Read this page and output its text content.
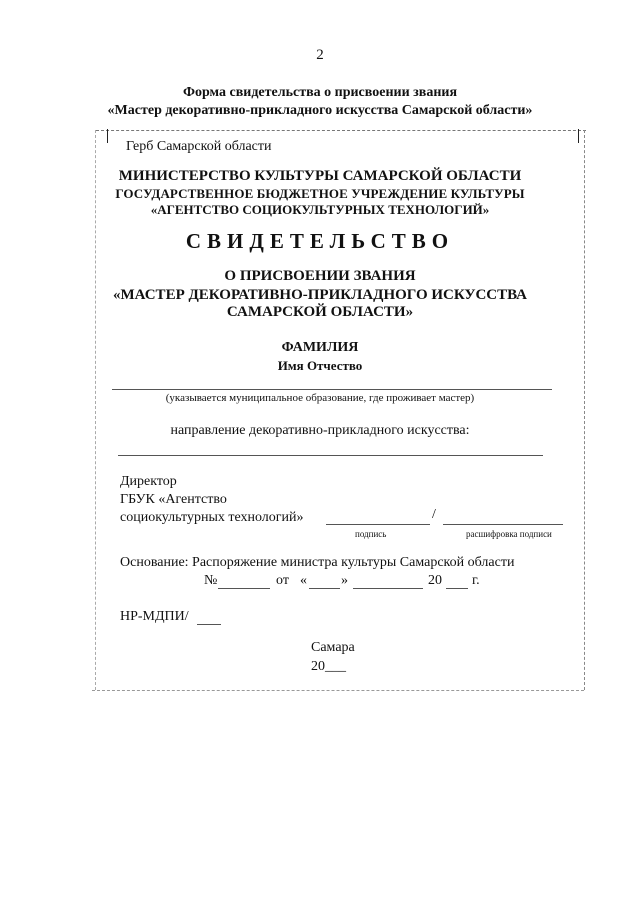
2
Форма свидетельства о присвоении звания
«Мастер декоративно-прикладного искусства Самарской области»
Герб Самарской области
МИНИСТЕРСТВО КУЛЬТУРЫ САМАРСКОЙ ОБЛАСТИ
ГОСУДАРСТВЕННОЕ БЮДЖЕТНОЕ УЧРЕЖДЕНИЕ КУЛЬТУРЫ
«АГЕНТСТВО СОЦИОКУЛЬТУРНЫХ ТЕХНОЛОГИЙ»
СВИДЕТЕЛЬСТВО
О ПРИСВОЕНИИ ЗВАНИЯ
«МАСТЕР ДЕКОРАТИВНО-ПРИКЛАДНОГО ИСКУССТВА
САМАРСКОЙ ОБЛАСТИ»
ФАМИЛИЯ
Имя Отчество
(указывается муниципальное образование, где проживает мастер)
направление декоративно-прикладного искусства:
Директор
ГБУК «Агентство
социокультурных технологий»	/
подпись	расшифровка подписи
Основание: Распоряжение министра культуры Самарской области
№	от « »	20 г.
НР-МДПИ/
Самара
20___
